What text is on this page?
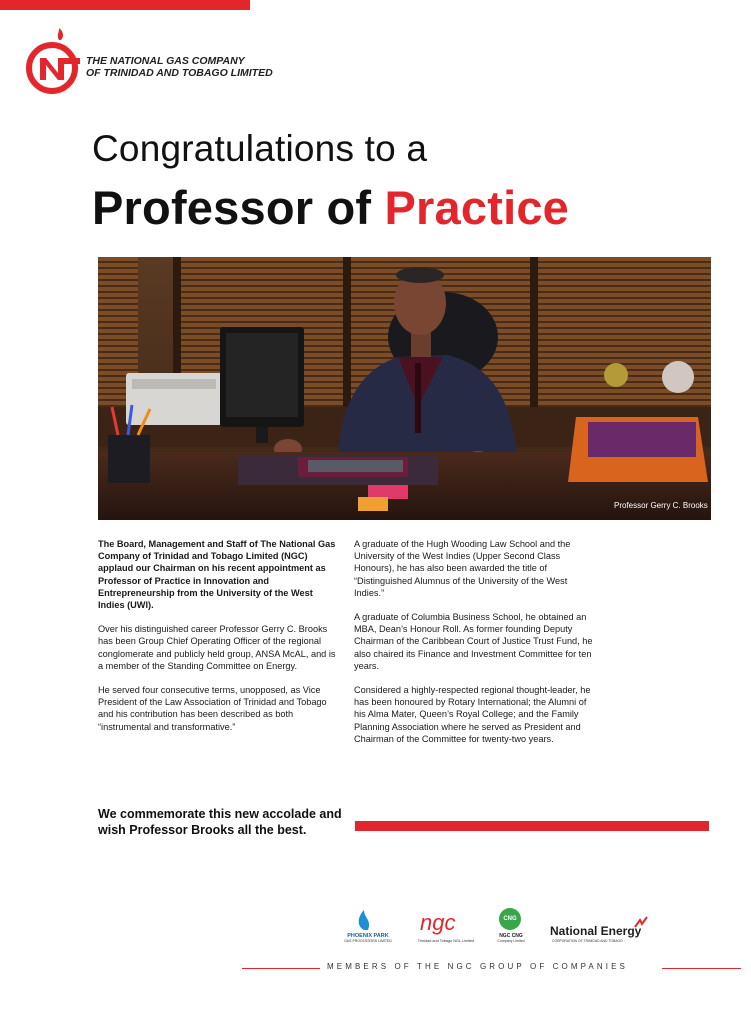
THE NATIONAL GAS COMPANY
OF TRINIDAD AND TOBAGO LIMITED
Congratulations to a
Professor of Practice
Professor Gerry C. Brooks

The Board, Management and Staff of The National Gas Company of Trinidad and Tobago Limited (NGC) applaud our Chairman on his recent appointment as Professor of Practice in Innovation and Entrepreneurship from the University of the West Indies (UWI).

Over his distinguished career Professor Gerry C. Brooks has been Group Chief Operating Officer of the regional conglomerate and publicly held group, ANSA McAL, and is a member of the Standing Committee on Energy.

He served four consecutive terms, unopposed, as Vice President of the Law Association of Trinidad and Tobago and his contribution has been described as both “instrumental and transformative.”

A graduate of the Hugh Wooding Law School and the University of the West Indies (Upper Second Class Honours), he has also been awarded the title of “Distinguished Alumnus of the University of the West Indies.”

A graduate of Columbia Business School, he obtained an MBA, Dean’s Honour Roll. As former founding Deputy Chairman of the Caribbean Court of Justice Trust Fund, he also chaired its Finance and Investment Committee for ten years.

Considered a highly-respected regional thought-leader, he has been honoured by Rotary International; the Alumni of his Alma Mater, Queen’s Royal College; and the Family Planning Association where he served as President and Chairman of the Committee for twenty-two years.

We commemorate this new accolade and
wish Professor Brooks all the best.
PHOENIX PARK
GAS PROCESSORS LIMITED
ngc
Trinidad and Tobago NGL Limited
CNG
NGC CNG
Company Limited
National Energy
CORPORATION OF TRINIDAD AND TOBAGO
MEMBERS OF THE NGC GROUP OF COMPANIES
